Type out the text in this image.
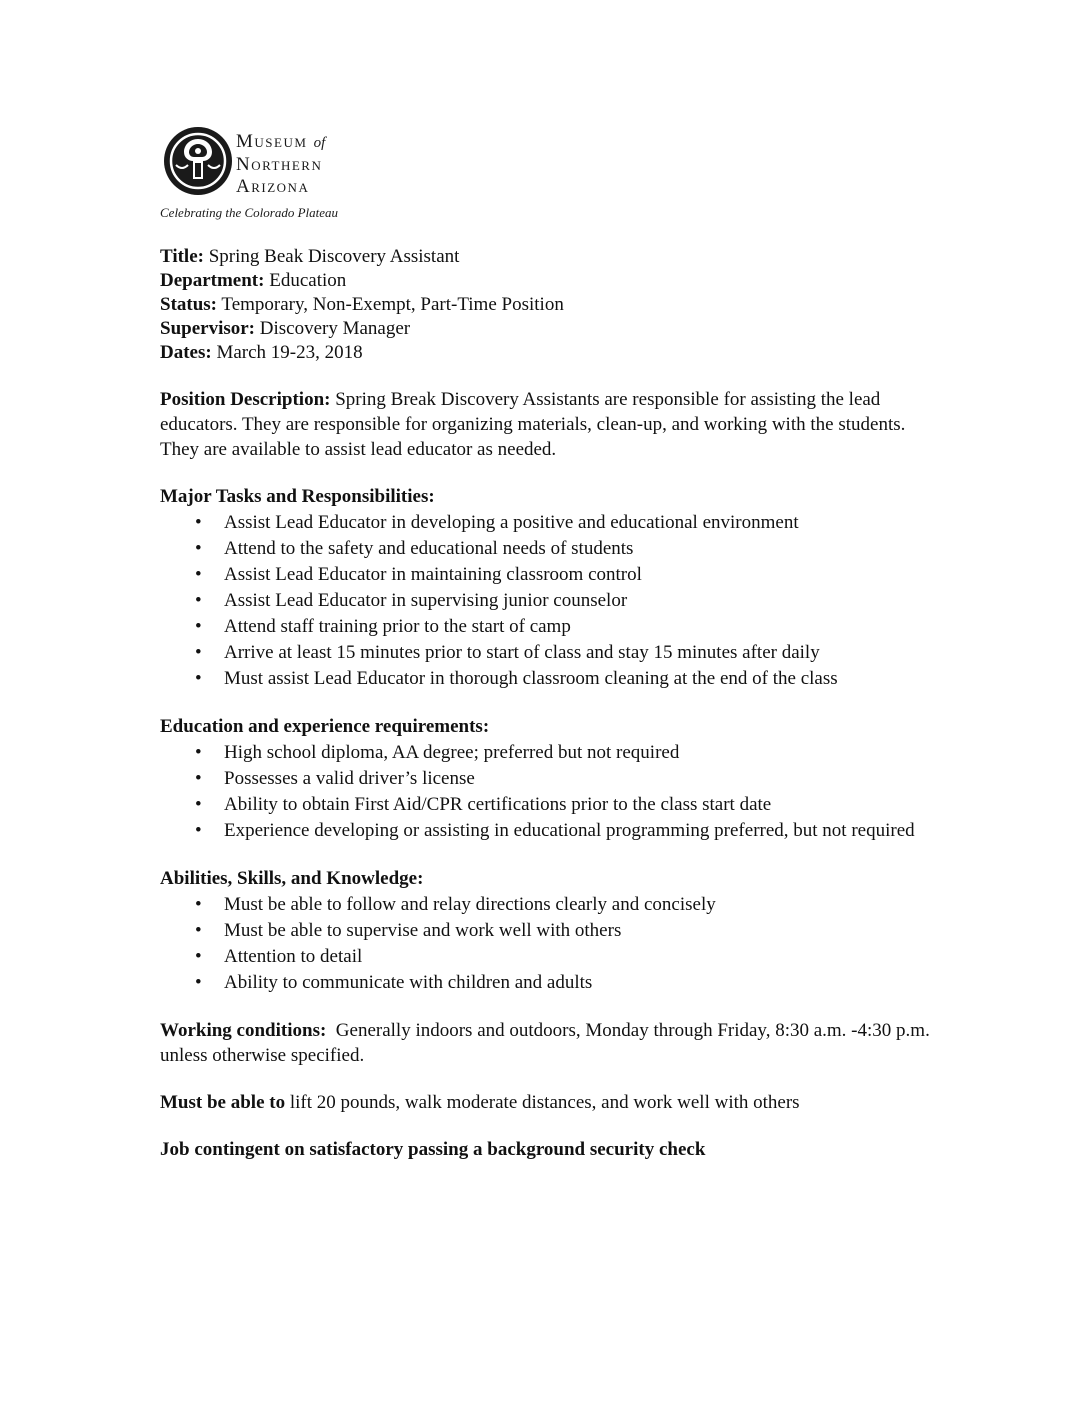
Museum of
Northern
Arizona
Celebrating the Colorado Plateau
Title: Spring Beak Discovery Assistant
Department: Education
Status: Temporary, Non-Exempt, Part-Time Position
Supervisor: Discovery Manager
Dates: March 19-23, 2018

Position Description: Spring Break Discovery Assistants are responsible for assisting the lead educators. They are responsible for organizing materials, clean-up, and working with the students. They are available to assist lead educator as needed.

Major Tasks and Responsibilities:
• Assist Lead Educator in developing a positive and educational environment
• Attend to the safety and educational needs of students
• Assist Lead Educator in maintaining classroom control
• Assist Lead Educator in supervising junior counselor
• Attend staff training prior to the start of camp
• Arrive at least 15 minutes prior to start of class and stay 15 minutes after daily
• Must assist Lead Educator in thorough classroom cleaning at the end of the class
Education and experience requirements:
• High school diploma, AA degree; preferred but not required
• Possesses a valid driver’s license
• Ability to obtain First Aid/CPR certifications prior to the class start date
• Experience developing or assisting in educational programming preferred, but not required
Abilities, Skills, and Knowledge:
• Must be able to follow and relay directions clearly and concisely
• Must be able to supervise and work well with others
• Attention to detail
• Ability to communicate with children and adults

Working conditions:  Generally indoors and outdoors, Monday through Friday, 8:30 a.m. -4:30 p.m. unless otherwise specified.

Must be able to lift 20 pounds, walk moderate distances, and work well with others

Job contingent on satisfactory passing a background security check
